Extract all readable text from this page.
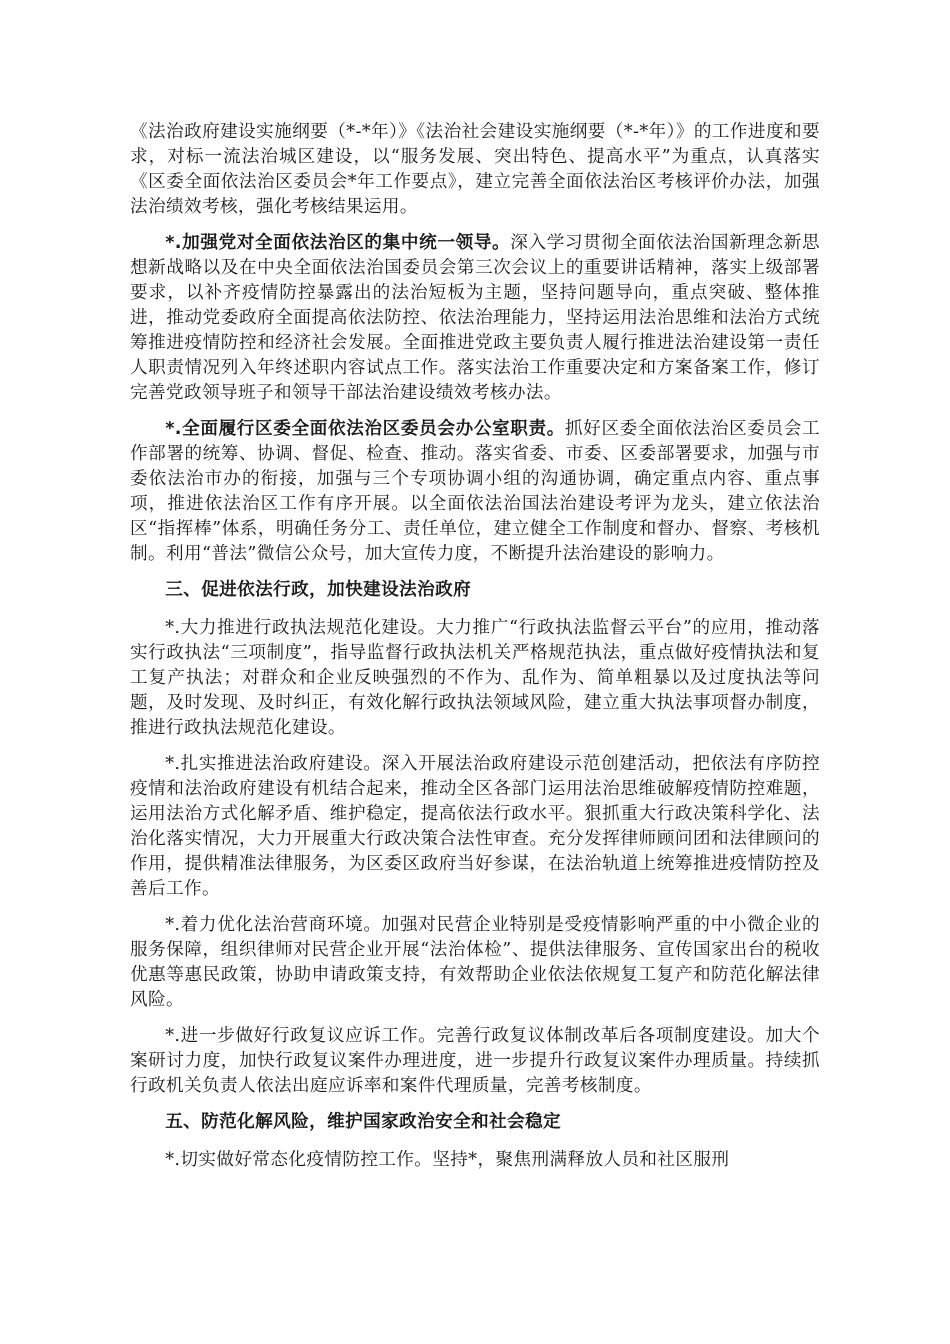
《法治政府建设实施纲要（*-*年）》《法治社会建设实施纲要（*-*年）》的工作进度和要求，对标一流法治城区建设，以“服务发展、突出特色、提高水平”为重点，认真落实《区委全面依法治区委员会*年工作要点》，建立完善全面依法治区考核评价办法，加强法治绩效考核，强化考核结果运用。

*.加强党对全面依法治区的集中统一领导。深入学习贯彻全面依法治国新理念新思想新战略以及在中央全面依法治国委员会第三次会议上的重要讲话精神，落实上级部署要求，以补齐疫情防控暴露出的法治短板为主题，坚持问题导向，重点突破、整体推进，推动党委政府全面提高依法防控、依法治理能力，坚持运用法治思维和法治方式统筹推进疫情防控和经济社会发展。全面推进党政主要负责人履行推进法治建设第一责任人职责情况列入年终述职内容试点工作。落实法治工作重要决定和方案备案工作，修订完善党政领导班子和领导干部法治建设绩效考核办法。

*.全面履行区委全面依法治区委员会办公室职责。抓好区委全面依法治区委员会工作部署的统筹、协调、督促、检查、推动。落实省委、市委、区委部署要求，加强与市委依法治市办的衔接，加强与三个专项协调小组的沟通协调，确定重点内容、重点事项，推进依法治区工作有序开展。以全面依法治国法治建设考评为龙头，建立依法治区“指挥棒”体系，明确任务分工、责任单位，建立健全工作制度和督办、督察、考核机制。利用“普法”微信公众号，加大宣传力度，不断提升法治建设的影响力。

三、促进依法行政，加快建设法治政府

*.大力推进行政执法规范化建设。大力推广“行政执法监督云平台”的应用，推动落实行政执法“三项制度”，指导监督行政执法机关严格规范执法，重点做好疫情执法和复工复产执法；对群众和企业反映强烈的不作为、乱作为、简单粗暴以及过度执法等问题，及时发现、及时纠正，有效化解行政执法领域风险，建立重大执法事项督办制度，推进行政执法规范化建设。

*.扎实推进法治政府建设。深入开展法治政府建设示范创建活动，把依法有序防控疫情和法治政府建设有机结合起来，推动全区各部门运用法治思维破解疫情防控难题，运用法治方式化解矛盾、维护稳定，提高依法行政水平。狠抓重大行政决策科学化、法治化落实情况，大力开展重大行政决策合法性审查。充分发挥律师顾问团和法律顾问的作用，提供精准法律服务，为区委区政府当好参谋，在法治轨道上统筹推进疫情防控及善后工作。

*.着力优化法治营商环境。加强对民营企业特别是受疫情影响严重的中小微企业的服务保障，组织律师对民营企业开展“法治体检”、提供法律服务、宣传国家出台的税收优惠等惠民政策，协助申请政策支持，有效帮助企业依法依规复工复产和防范化解法律风险。

*.进一步做好行政复议应诉工作。完善行政复议体制改革后各项制度建设。加大个案研讨力度，加快行政复议案件办理进度，进一步提升行政复议案件办理质量。持续抓行政机关负责人依法出庭应诉率和案件代理质量，完善考核制度。

五、防范化解风险，维护国家政治安全和社会稳定

*.切实做好常态化疫情防控工作。坚持*，聚焦刑满释放人员和社区服刑
